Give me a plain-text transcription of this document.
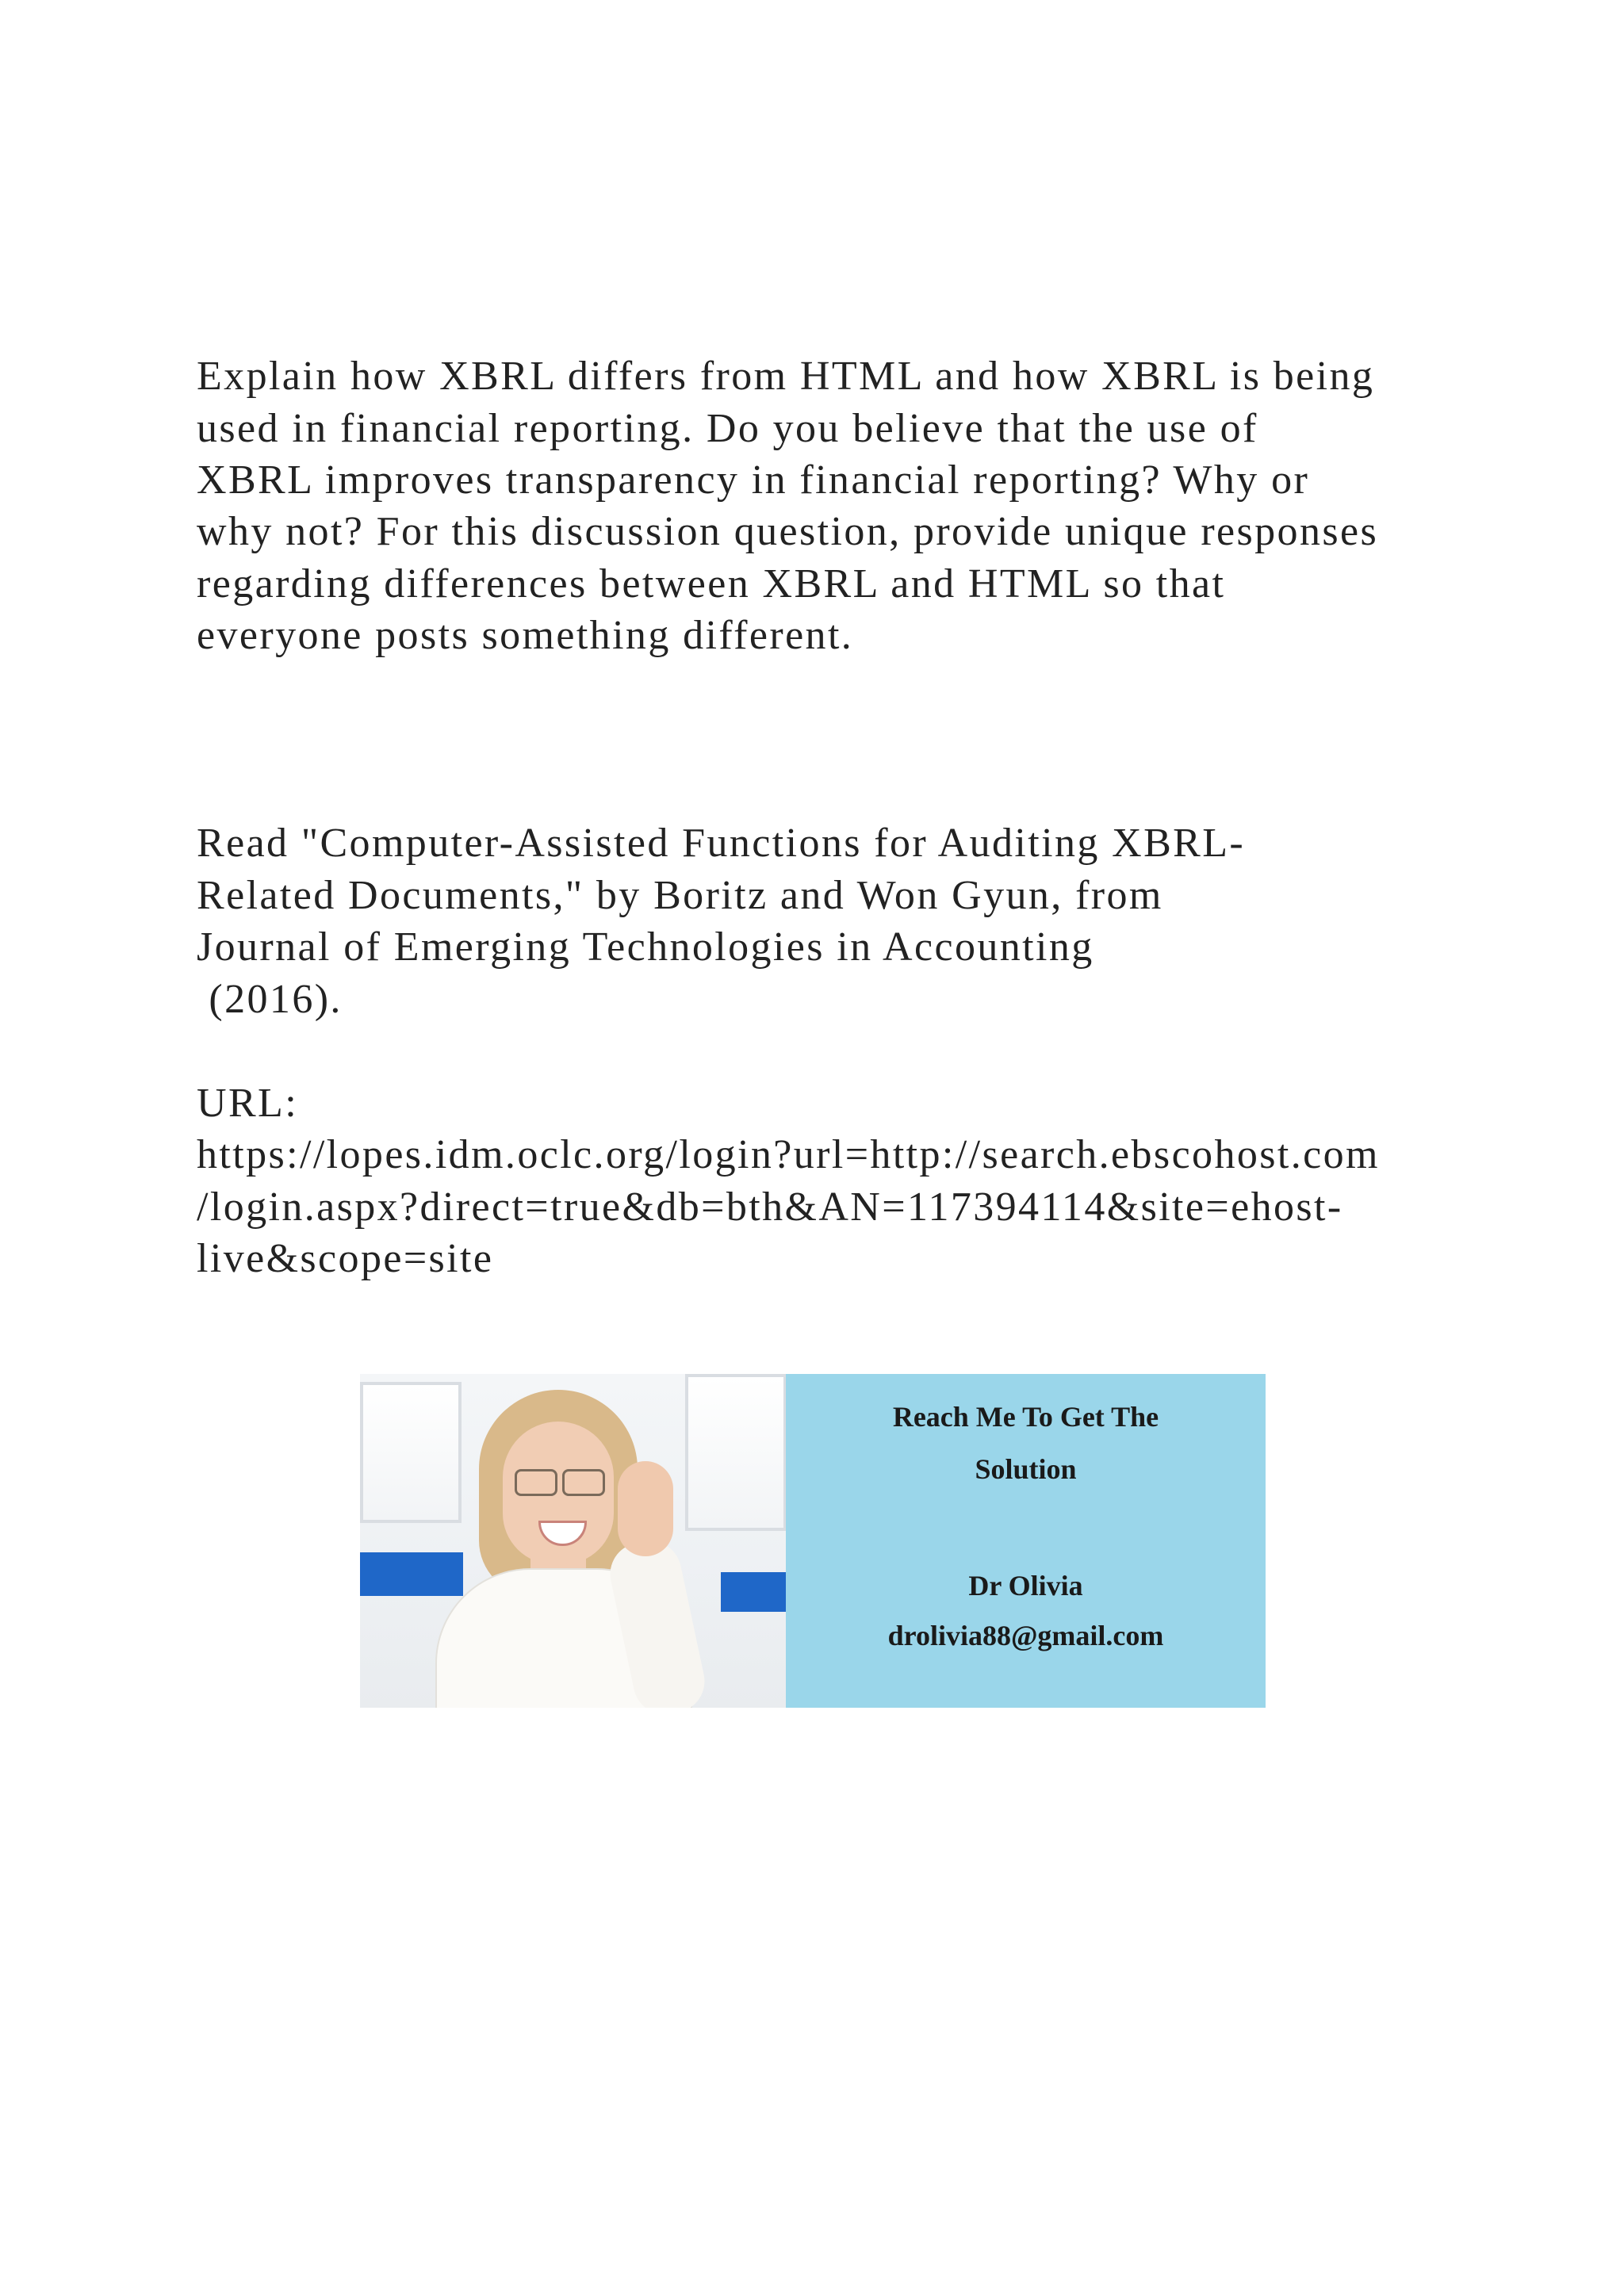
Explain how XBRL differs from HTML and how XBRL is being
used in financial reporting. Do you believe that the use of
XBRL improves transparency in financial reporting? Why or
why not? For this discussion question, provide unique responses
regarding differences between XBRL and HTML so that
everyone posts something different.
Read "Computer-Assisted Functions for Auditing XBRL-
Related Documents," by Boritz and Won Gyun, from
Journal of Emerging Technologies in Accounting
(2016).
URL:
https://lopes.idm.oclc.org/login?url=http://search.ebscohost.com
/login.aspx?direct=true&db=bth&AN=117394114&site=ehost-
live&scope=site
Reach Me To Get The
Solution
Dr Olivia
drolivia88@gmail.com
